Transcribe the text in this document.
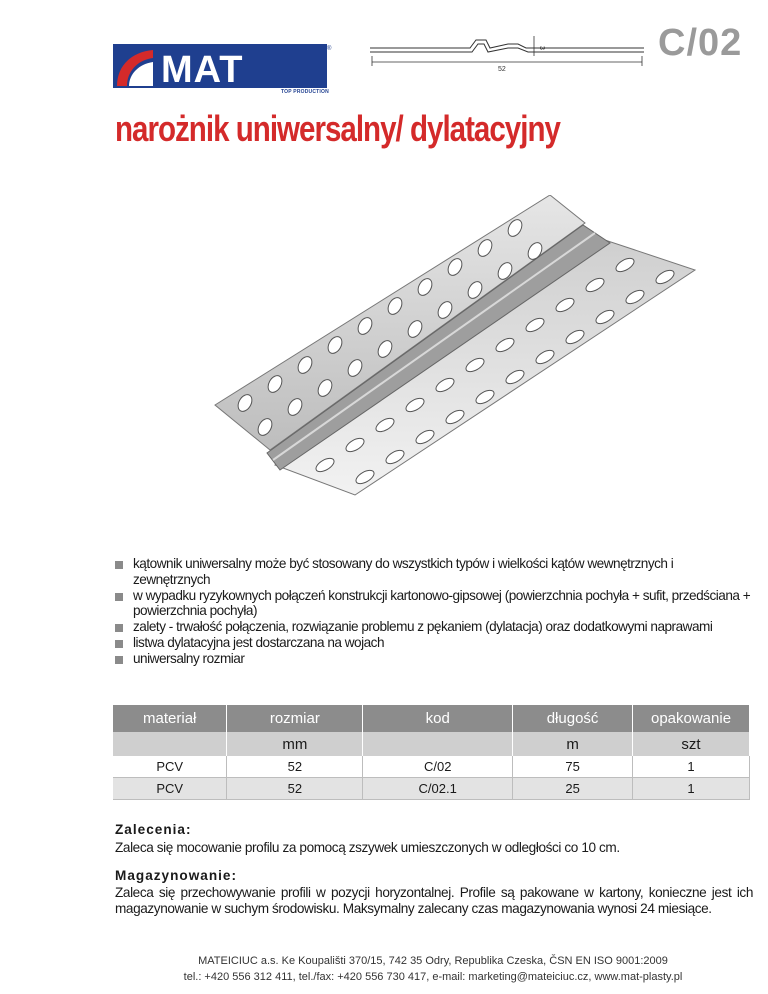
MAT	®
TOP PRODUCTION
52
3	C/02
narożnik uniwersalny/ dylatacyjny
kątownik uniwersalny może być stosowany do wszystkich typów i wielkości kątów wewnętrznych i zewnętrznych
w wypadku ryzykownych połączeń konstrukcji kartonowo-gipsowej (powierzchnia pochyła + sufit, przedściana + powierzchnia pochyła)
zalety - trwałość połączenia, rozwiązanie problemu z pękaniem (dylatacja) oraz dodatkowymi naprawami
listwa dylatacyjna jest dostarczana na wojach
uniwersalny rozmiar
materiał	rozmiar	kod	długość	opakowanie
	mm		m	szt
PCV	52	C/02	75	1
PCV	52	C/02.1	25	1
Zalecenia:
Zaleca się mocowanie profilu za pomocą zszywek umieszczonych w odległości co 10 cm.
Magazynowanie:
Zaleca się przechowywanie profili w pozycji horyzontalnej. Profile są pakowane w kartony, konieczne jest ich magazynowanie w suchym środowisku. Maksymalny zalecany czas magazynowania wynosi 24 miesiące.
MATEICIUC a.s. Ke Koupališti 370/15, 742 35 Odry, Republika Czeska, ČSN EN ISO 9001:2009
tel.: +420 556 312 411, tel./fax: +420 556 730 417, e-mail: marketing@mateiciuc.cz, www.mat-plasty.pl
